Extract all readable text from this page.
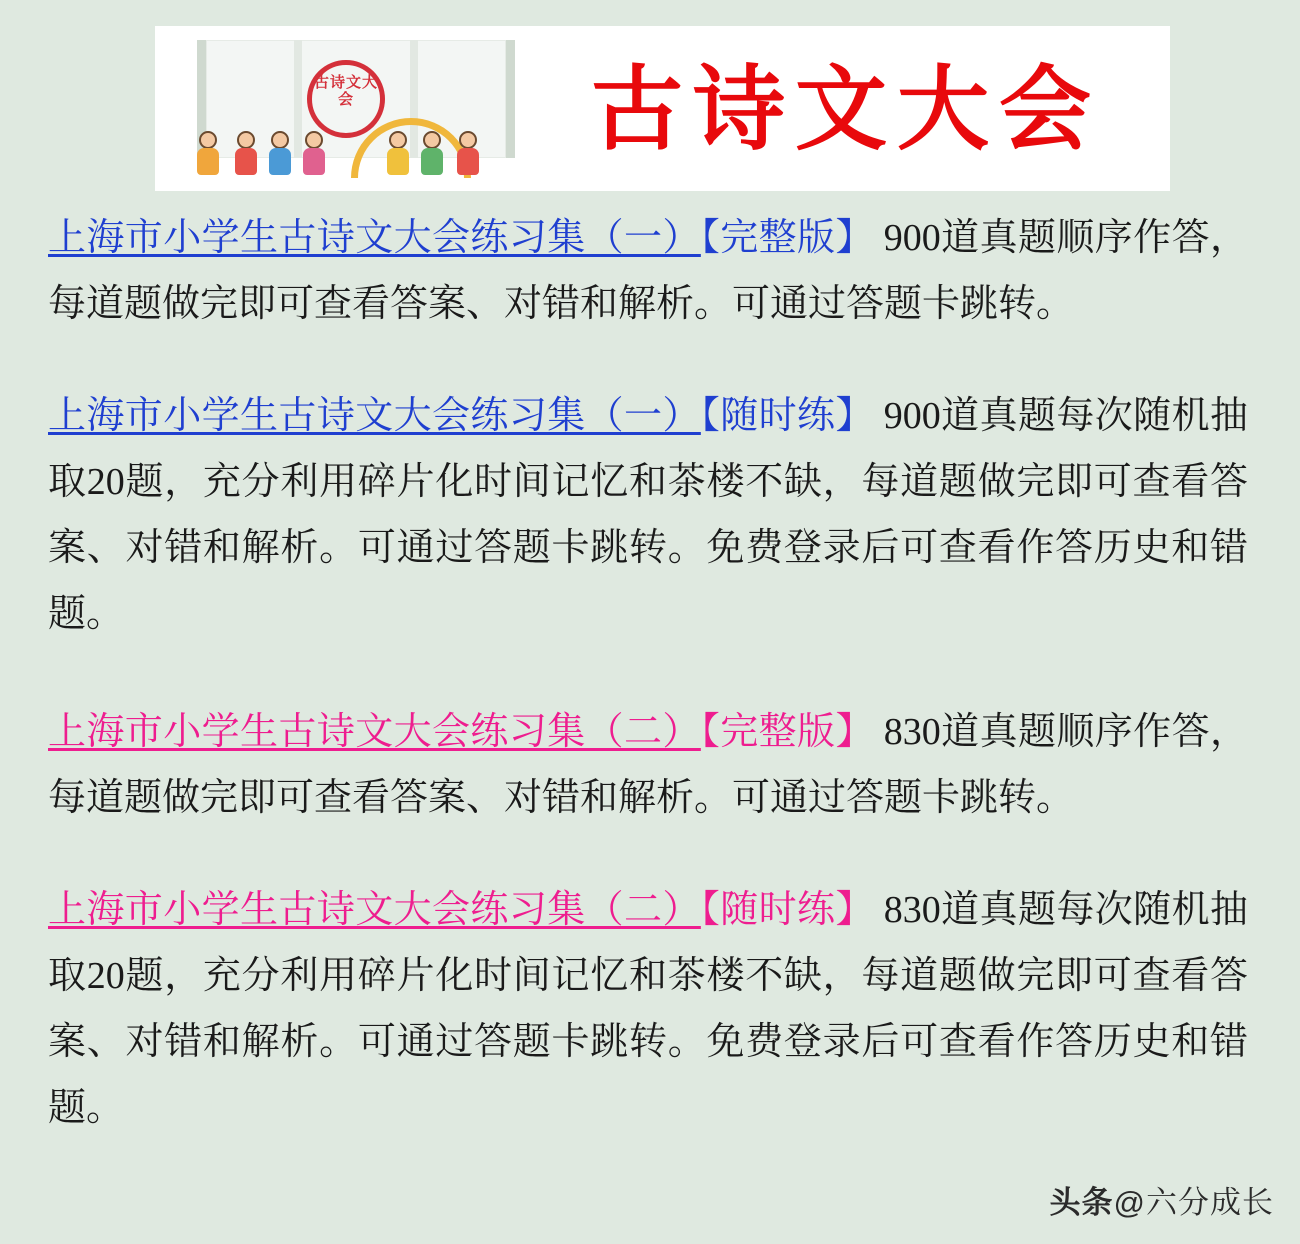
古诗文大会	古诗文大会

上海市小学生古诗文大会练习集（一）【完整版】 900道真题顺序作答，每道题做完即可查看答案、对错和解析。可通过答题卡跳转。

上海市小学生古诗文大会练习集（一）【随时练】 900道真题每次随机抽取20题，充分利用碎片化时间记忆和茶楼不缺，每道题做完即可查看答案、对错和解析。可通过答题卡跳转。免费登录后可查看作答历史和错题。

上海市小学生古诗文大会练习集（二）【完整版】 830道真题顺序作答，每道题做完即可查看答案、对错和解析。可通过答题卡跳转。

上海市小学生古诗文大会练习集（二）【随时练】 830道真题每次随机抽取20题，充分利用碎片化时间记忆和茶楼不缺，每道题做完即可查看答案、对错和解析。可通过答题卡跳转。免费登录后可查看作答历史和错题。

头条@六分成长
